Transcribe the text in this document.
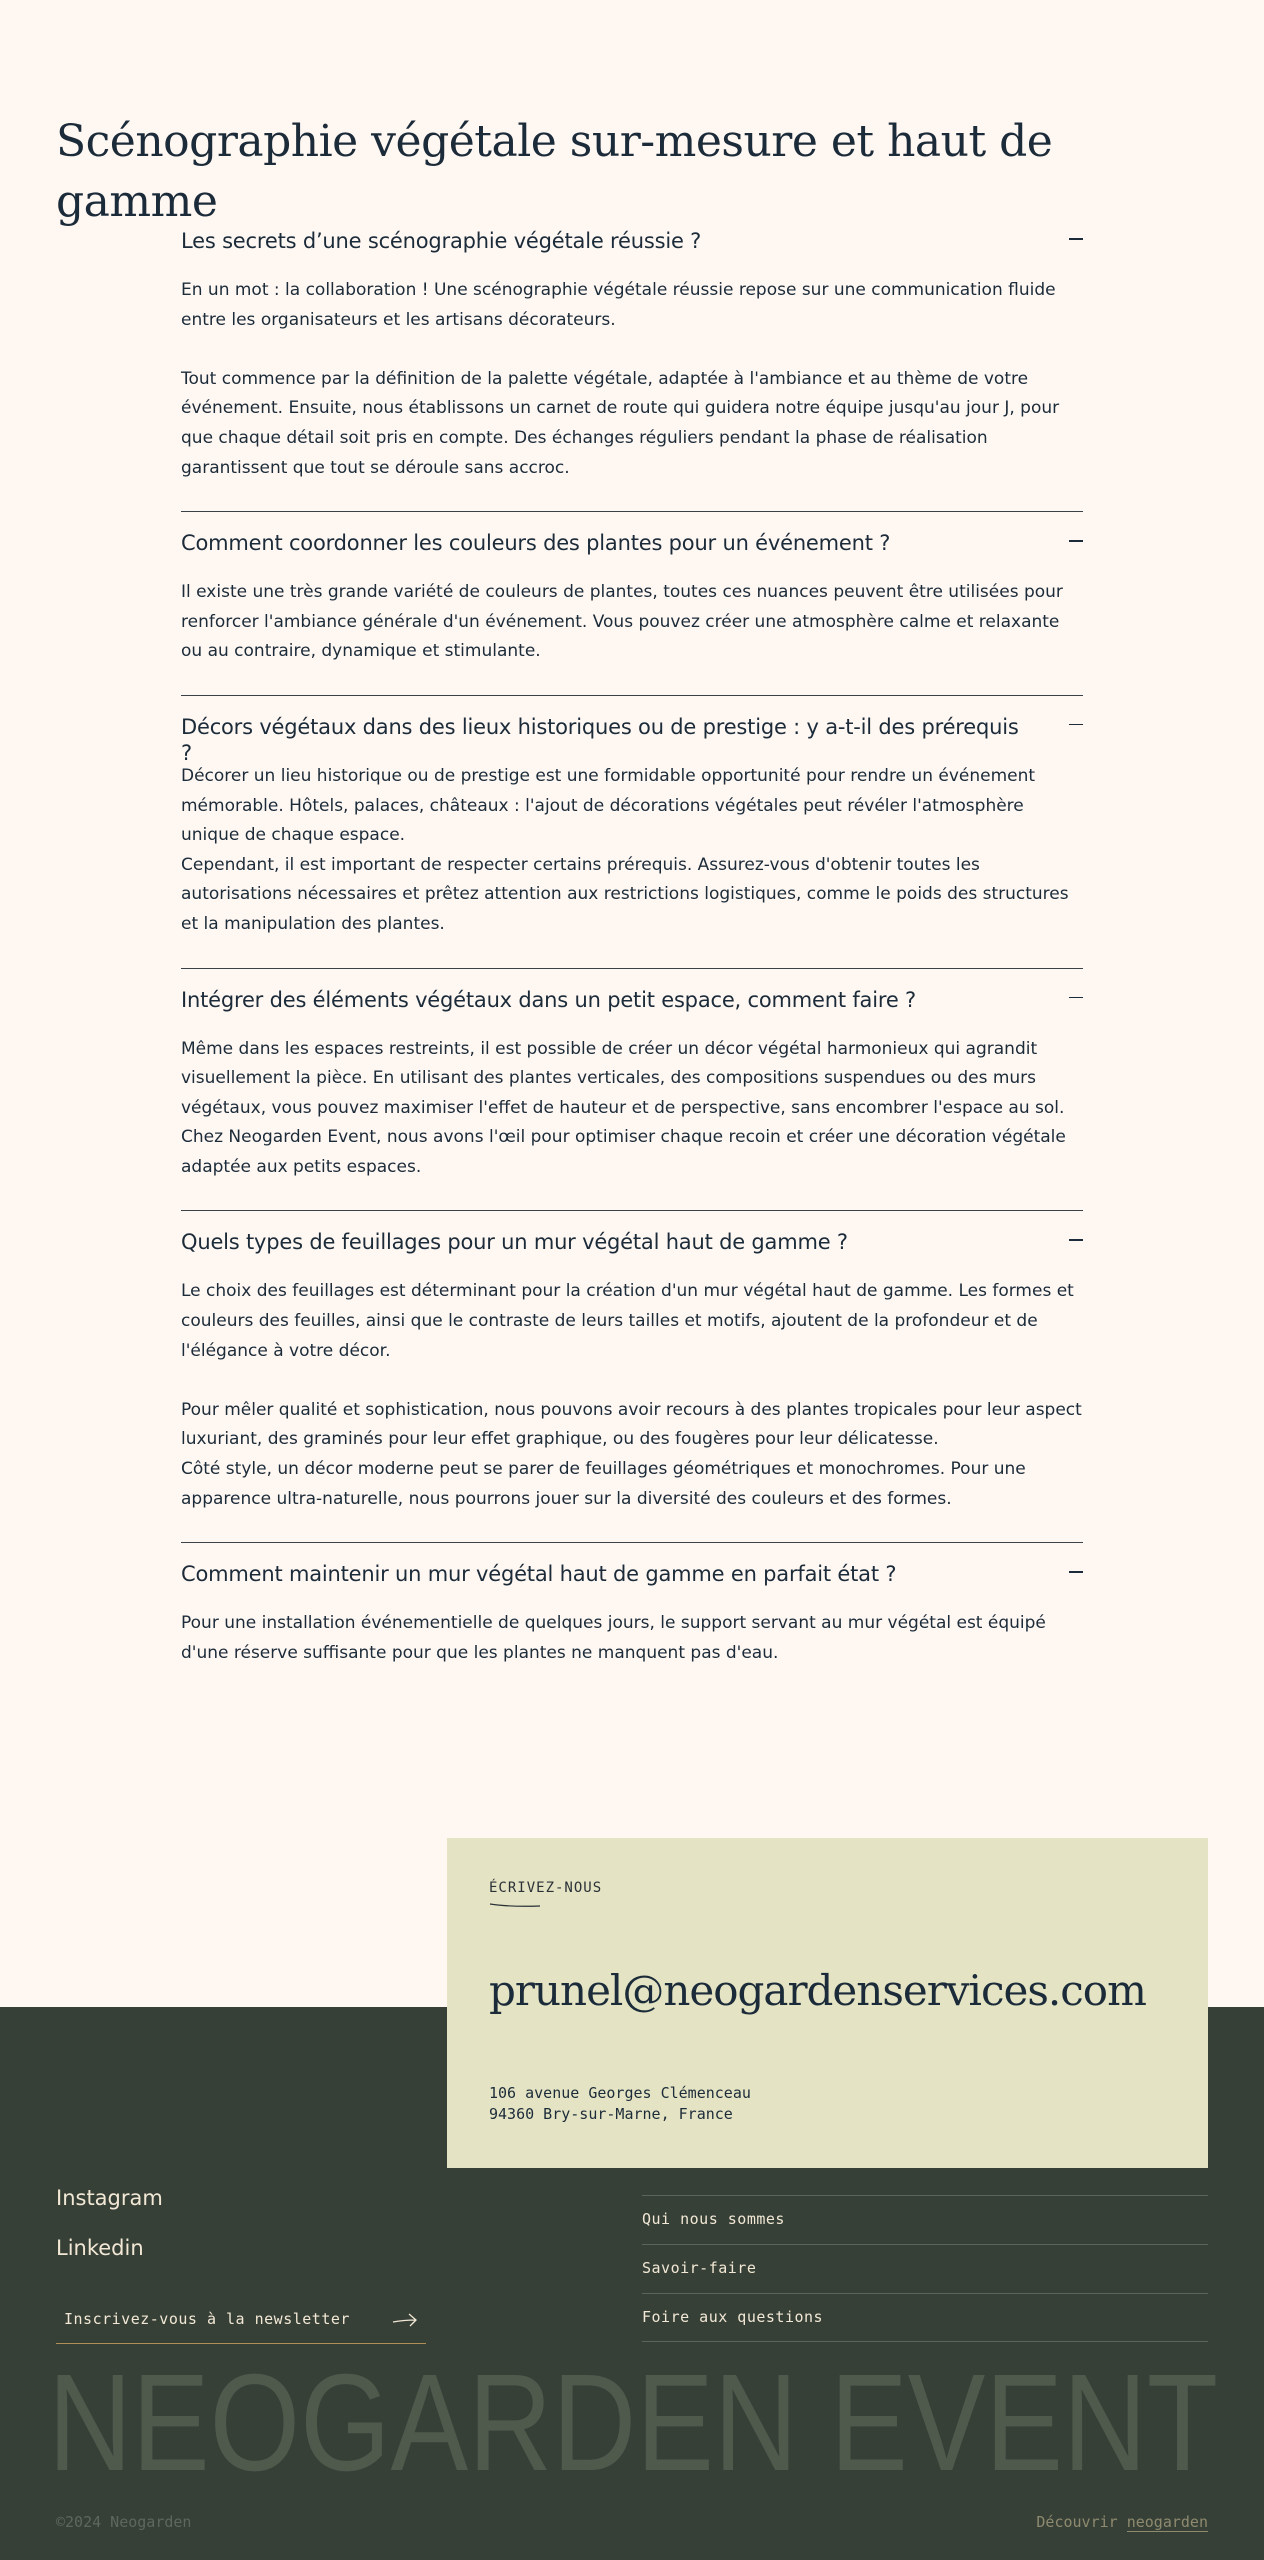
Scénographie végétale sur-mesure et haut de gamme
Les secrets d’une scénographie végétale réussie ?

En un mot : la collaboration ! Une scénographie végétale réussie repose sur une communication fluide entre les organisateurs et les artisans décorateurs.

Tout commence par la définition de la palette végétale, adaptée à l'ambiance et au thème de votre événement. Ensuite, nous établissons un carnet de route qui guidera notre équipe jusqu'au jour J, pour que chaque détail soit pris en compte. Des échanges réguliers pendant la phase de réalisation garantissent que tout se déroule sans accroc.

Comment coordonner les couleurs des plantes pour un événement ?

Il existe une très grande variété de couleurs de plantes, toutes ces nuances peuvent être utilisées pour renforcer l'ambiance générale d'un événement. Vous pouvez créer une atmosphère calme et relaxante ou au contraire, dynamique et stimulante.

Décors végétaux dans des lieux historiques ou de prestige : y a-t-il des prérequis ?

Décorer un lieu historique ou de prestige est une formidable opportunité pour rendre un événement mémorable. Hôtels, palaces, châteaux : l'ajout de décorations végétales peut révéler l'atmosphère unique de chaque espace.

Cependant, il est important de respecter certains prérequis. Assurez-vous d'obtenir toutes les autorisations nécessaires et prêtez attention aux restrictions logistiques, comme le poids des structures et la manipulation des plantes.

Intégrer des éléments végétaux dans un petit espace, comment faire ?

Même dans les espaces restreints, il est possible de créer un décor végétal harmonieux qui agrandit visuellement la pièce. En utilisant des plantes verticales, des compositions suspendues ou des murs végétaux, vous pouvez maximiser l'effet de hauteur et de perspective, sans encombrer l'espace au sol.

Chez Neogarden Event, nous avons l'œil pour optimiser chaque recoin et créer une décoration végétale adaptée aux petits espaces.

Quels types de feuillages pour un mur végétal haut de gamme ?

Le choix des feuillages est déterminant pour la création d'un mur végétal haut de gamme. Les formes et couleurs des feuilles, ainsi que le contraste de leurs tailles et motifs, ajoutent de la profondeur et de l'élégance à votre décor.

Pour mêler qualité et sophistication, nous pouvons avoir recours à des plantes tropicales pour leur aspect luxuriant, des graminés pour leur effet graphique, ou des fougères pour leur délicatesse.

Côté style, un décor moderne peut se parer de feuillages géométriques et monochromes. Pour une apparence ultra-naturelle, nous pourrons jouer sur la diversité des couleurs et des formes.

Comment maintenir un mur végétal haut de gamme en parfait état ?

Pour une installation événementielle de quelques jours, le support servant au mur végétal est équipé d'une réserve suffisante pour que les plantes ne manquent pas d'eau.

ÉCRIVEZ-NOUS
prunel@neogardenservices.com
106 avenue Georges Clémenceau
94360 Bry-sur-Marne, France
Instagram
Linkedin
Inscrivez-vous à la newsletter
Qui nous sommes
Savoir-faire
Foire aux questions
NEOGARDEN EVENT
©2024 Neogarden	Découvrir neogarden
